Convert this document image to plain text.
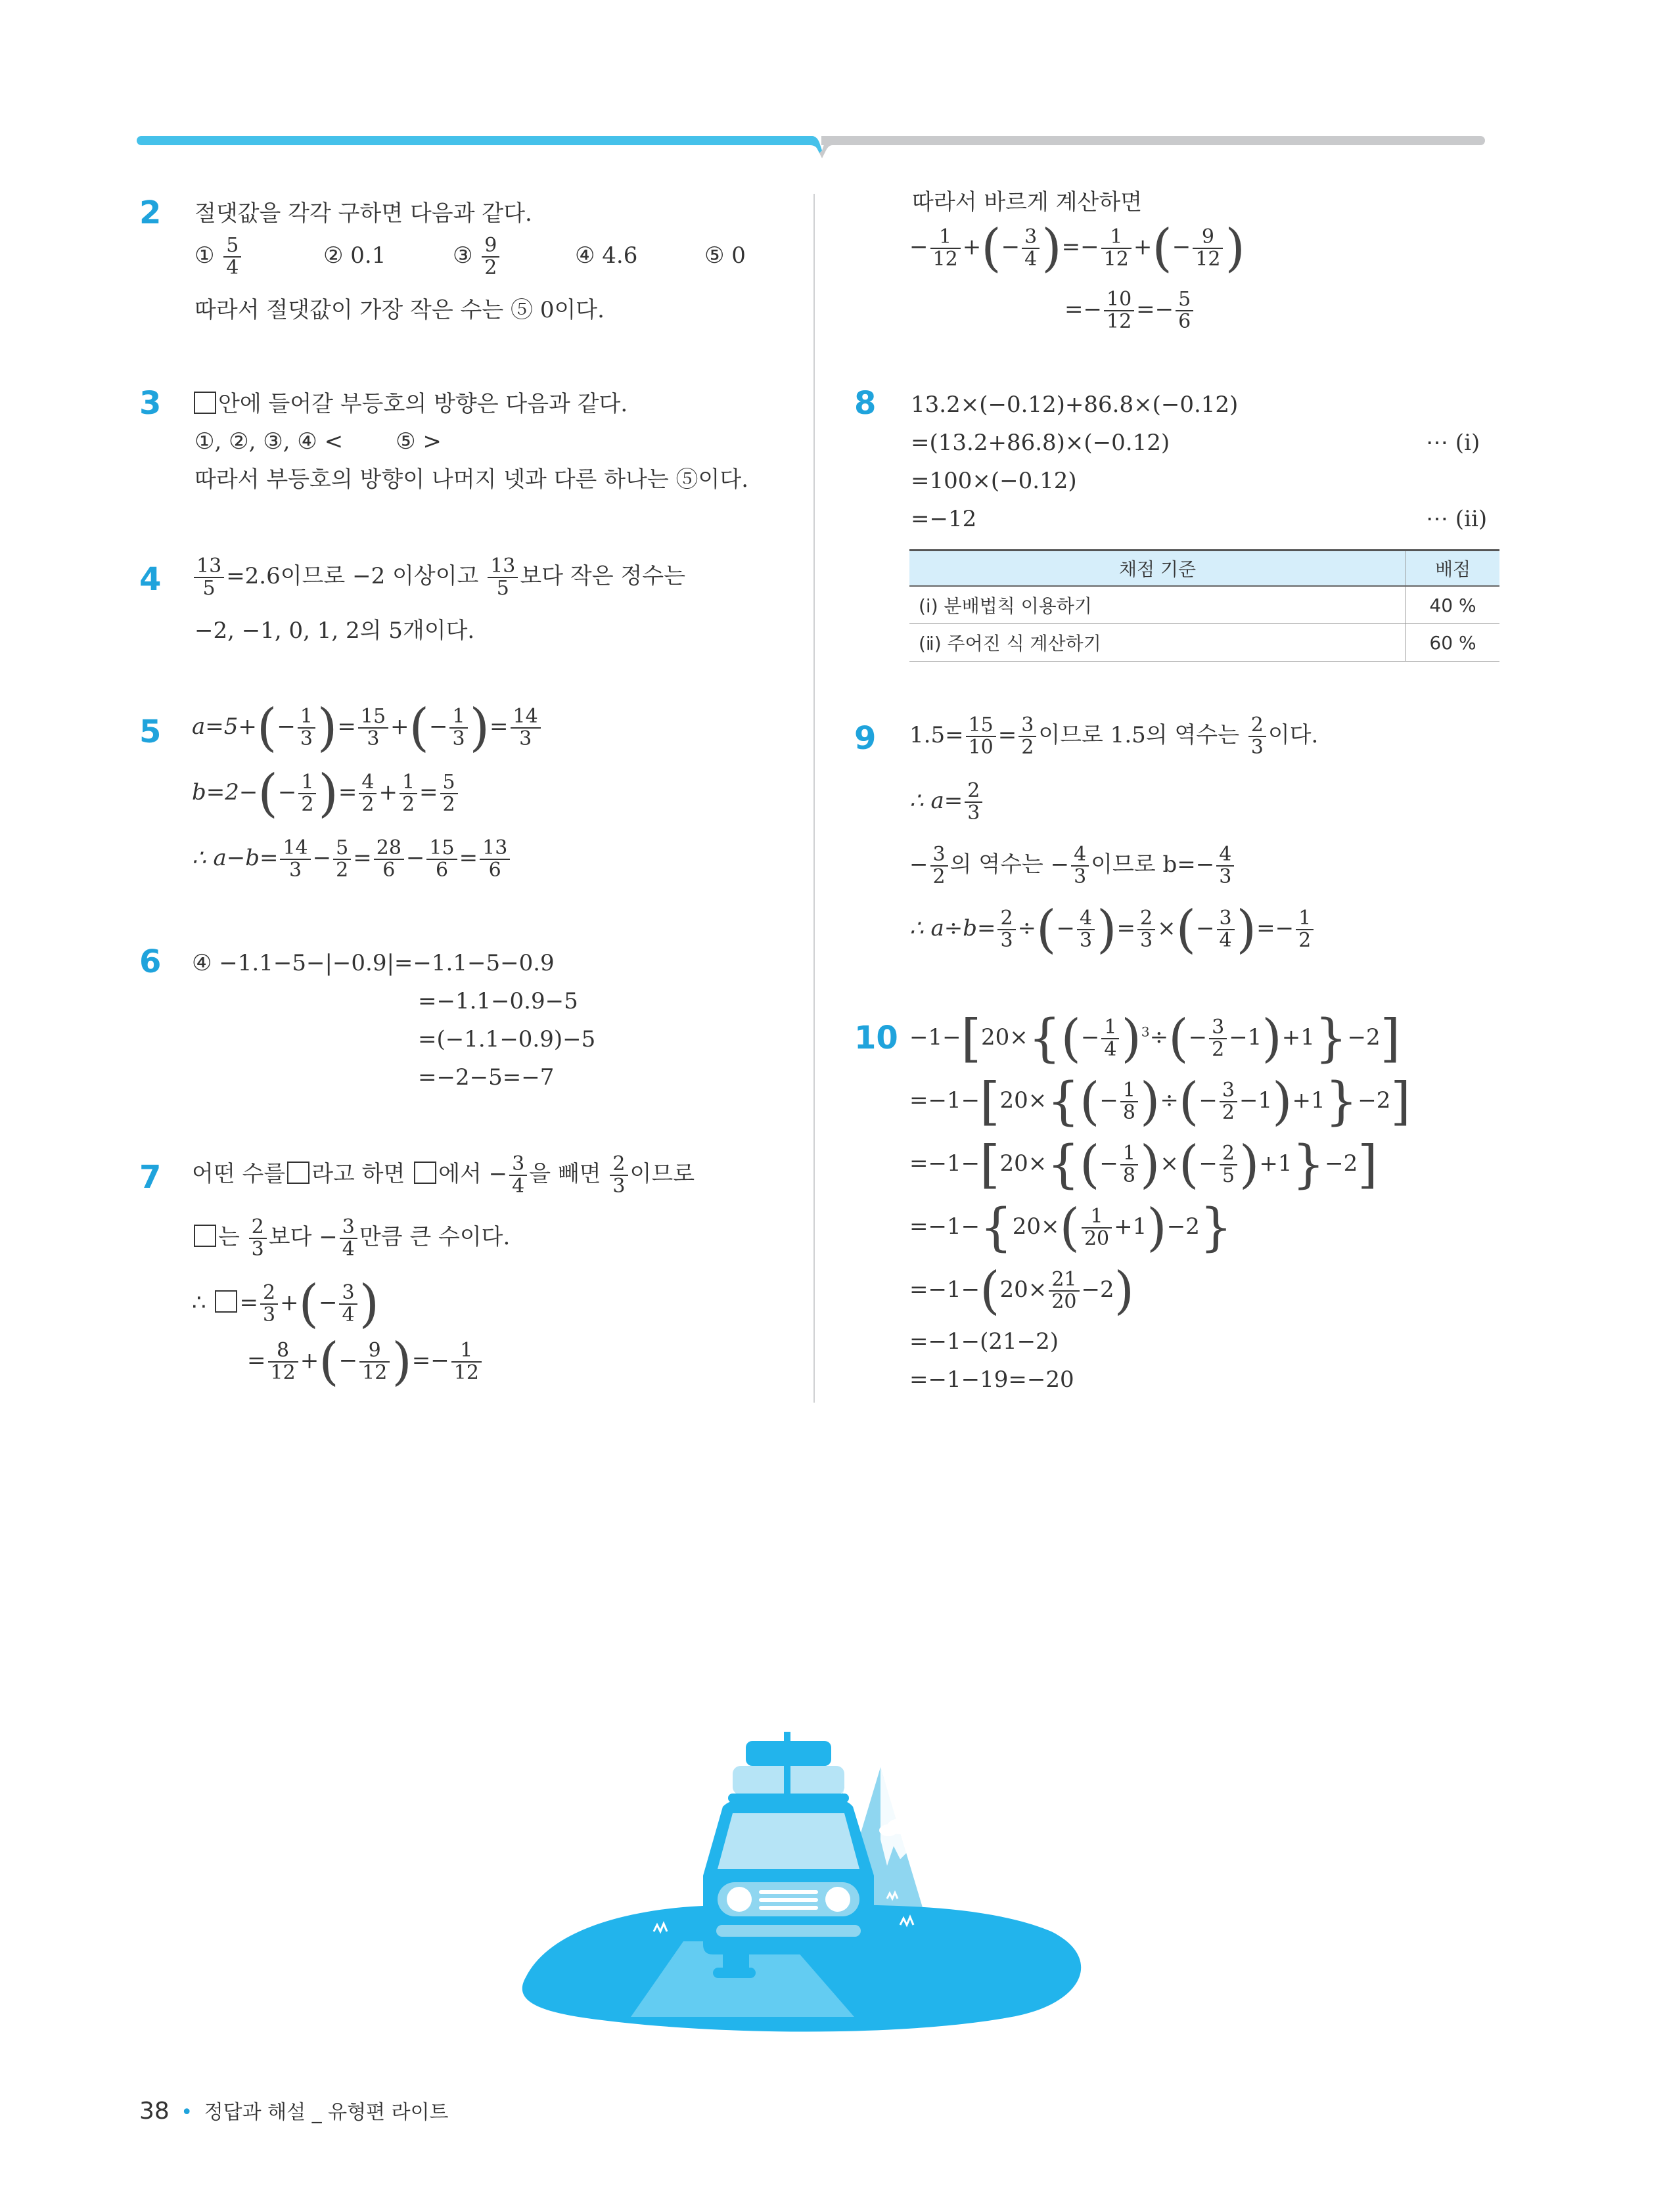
2 절댓값을 각각 구하면 다음과 같다.
① $\frac{5}{4}$	② 0.1	③ $\frac{9}{2}$	④ 4.6	⑤ 0
따라서 절댓값이 가장 작은 수는 ⑤ 0이다.
3	안에 들어갈 부등호의 방향은 다음과 같다.
①, ②, ③, ④ < ⑤ >
따라서 부등호의 방향이 나머지 넷과 다른 하나는 ⑤이다.
$4 \frac{13}{5} =2.6$이므로 −2 이상이고 $\frac{13}{5}$ 보다 작은 정수는
−2, −1, 0, 1, 2의 5개이다.
5 $a=5+(- \frac{1}{3}$ )= $\frac{15}{3}$ +(− $\frac{1}{3}$ )= $\frac{14}{3}$
$b=2-(- \frac{1}{2}$ )= $\frac{4}{2} + \frac{1}{2} = \frac{5}{2}$
∴ $a-b= \frac{14}{3} - \frac{5}{2} = \frac{28}{6} - \frac{15}{6} = \frac{13}{6}$
6 ④ −1.1−5−|−0.9|=−1.1−5−0.9
=−1.1−0.9−5
=(−1.1−0.9)−5
=−2−5=−7
7 어떤 수를 라고 하면 에서 − $\frac{3}{4}$ 을 빼면 $\frac{2}{3}$ 이므로
는 $\frac{2}{3}$ 보다 − $\frac{3}{4}$ 만큼 큰 수이다.
∴ = $\frac{2}{3}$ +(− $\frac{3}{4}$ )
= $\frac{8}{12}$ +(− $\frac{9}{12}$ )=− $\frac{1}{12}$
따라서 바르게 계산하면
− $\frac{1}{12}$ +(− $\frac{3}{4}$ )=− $\frac{1}{12}$ +(− $\frac{9}{12}$ )
=− $\frac{10}{12} =- \frac{5}{6}$
8 13.2×(−0.12)+86.8×(−0.12)
=(13.2+86.8)×(−0.12)	⋯ (ⅰ)
=100×(−0.12)
=−12	⋯ (ⅱ)
채점 기준	배점
(ⅰ) 분배법칙 이용하기	40 %
(ⅱ) 주어진 식 계산하기	60 %
9 $1.5= \frac{15}{10} = \frac{3}{2}$ 이므로 1.5의 역수는 $\frac{2}{3}$ 이다.
∴ $a= \frac{2}{3}$
− $\frac{3}{2}$ 의 역수는 − $\frac{4}{3}$ 이므로 $b=- \frac{4}{3}$
∴ $a\div b= \frac{2}{3}$ ÷(− $\frac{4}{3}$ )= $\frac{2}{3}$ ×(− $\frac{3}{4}$ )=− $\frac{1}{2}$
$10 -1-[20\times\{(- \frac{1}{4} )^3\div(- \frac{3}{2} -1)+1\}-2]$
$=-1-[20\times\{(- \frac{1}{8}$ )÷(− $\frac{3}{2} -1)+1\}-2$]
$=-1-[20\times\{(- \frac{1}{8}$ )×(− $\frac{2}{5} )+1\}-2$]
$=-1-\{20\times( \frac{1}{20} +1)-2\}$
$=-1-(20\times \frac{21}{20} -2)$
=−1−(21−2)
=−1−19=−20
38 • 정답과 해설 _ 유형편 라이트
